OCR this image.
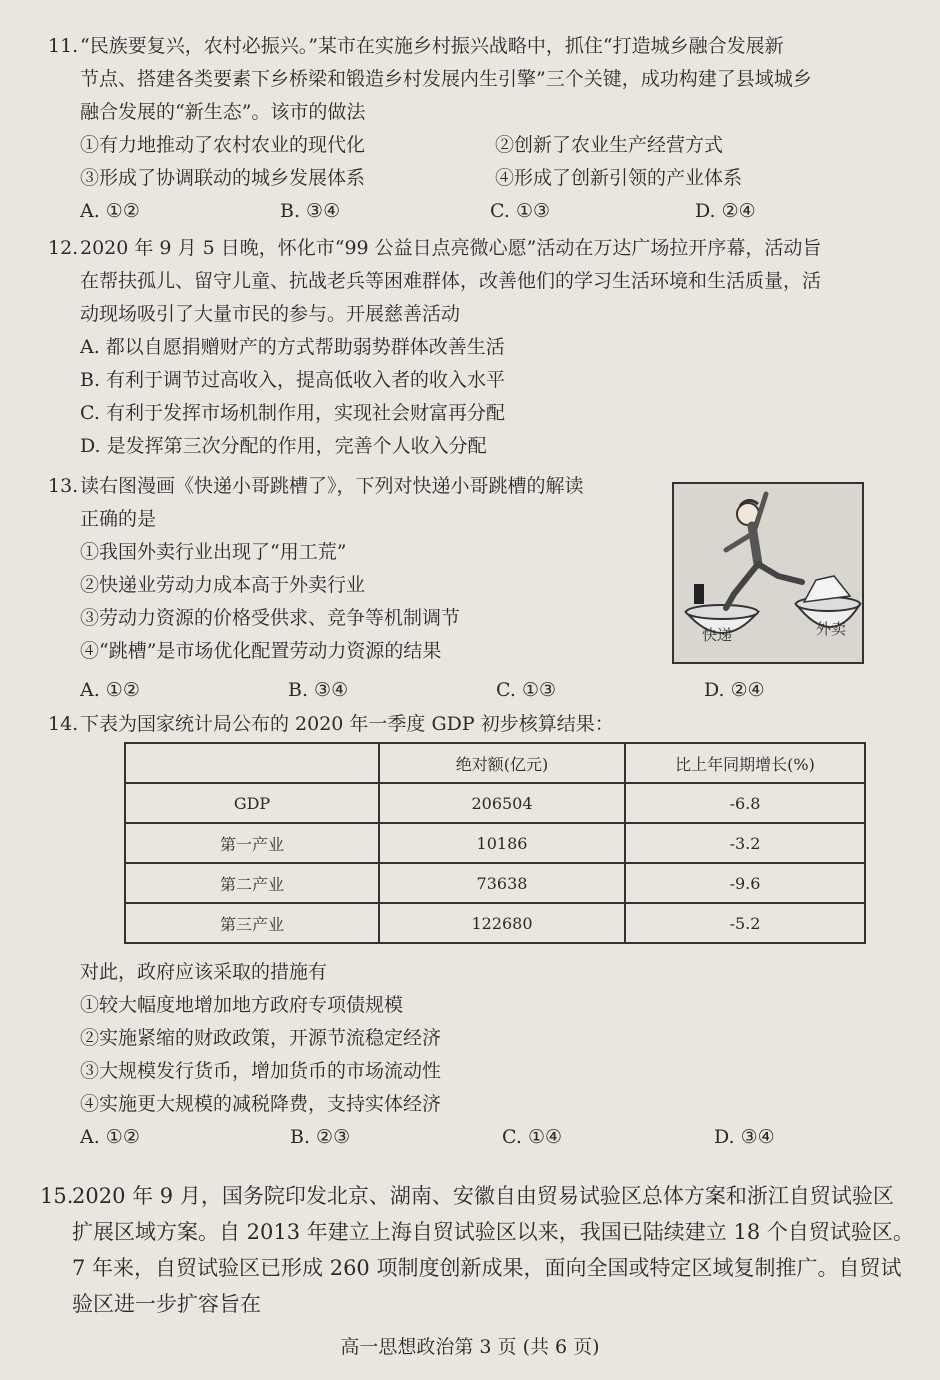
11.“民族要复兴，农村必振兴。”某市在实施乡村振兴战略中，抓住“打造城乡融合发展新
节点、搭建各类要素下乡桥梁和锻造乡村发展内生引擎”三个关键，成功构建了县域城乡
融合发展的“新生态”。该市的做法
①有力地推动了农村农业的现代化	②创新了农业生产经营方式
③形成了协调联动的城乡发展体系	④形成了创新引领的产业体系
A. ①②	B. ③④	C. ①③	D. ②④
12.2020 年 9 月 5 日晚，怀化市“99 公益日点亮微心愿”活动在万达广场拉开序幕，活动旨
在帮扶孤儿、留守儿童、抗战老兵等困难群体，改善他们的学习生活环境和生活质量，活
动现场吸引了大量市民的参与。开展慈善活动
A. 都以自愿捐赠财产的方式帮助弱势群体改善生活
B. 有利于调节过高收入，提高低收入者的收入水平
C. 有利于发挥市场机制作用，实现社会财富再分配
D. 是发挥第三次分配的作用，完善个人收入分配
13.读右图漫画《快递小哥跳槽了》，下列对快递小哥跳槽的解读
正确的是
①我国外卖行业出现了“用工荒”
②快递业劳动力成本高于外卖行业
③劳动力资源的价格受供求、竞争等机制调节
④“跳槽”是市场优化配置劳动力资源的结果
A. ①②	B. ③④	C. ①③	D. ②④
快递	外卖
14.下表为国家统计局公布的 2020 年一季度 GDP 初步核算结果：
	绝对额(亿元)	比上年同期增长(%)
GDP	206504	-6.8
第一产业	10186	-3.2
第二产业	73638	-9.6
第三产业	122680	-5.2
对此，政府应该采取的措施有
①较大幅度地增加地方政府专项债规模
②实施紧缩的财政政策，开源节流稳定经济
③大规模发行货币，增加货币的市场流动性
④实施更大规模的减税降费，支持实体经济
A. ①②	B. ②③	C. ①④	D. ③④
15.2020 年 9 月，国务院印发北京、湖南、安徽自由贸易试验区总体方案和浙江自贸试验区
扩展区域方案。自 2013 年建立上海自贸试验区以来，我国已陆续建立 18 个自贸试验区。
7 年来，自贸试验区已形成 260 项制度创新成果，面向全国或特定区域复制推广。自贸试
验区进一步扩容旨在
高一思想政治第 3 页 (共 6 页)
